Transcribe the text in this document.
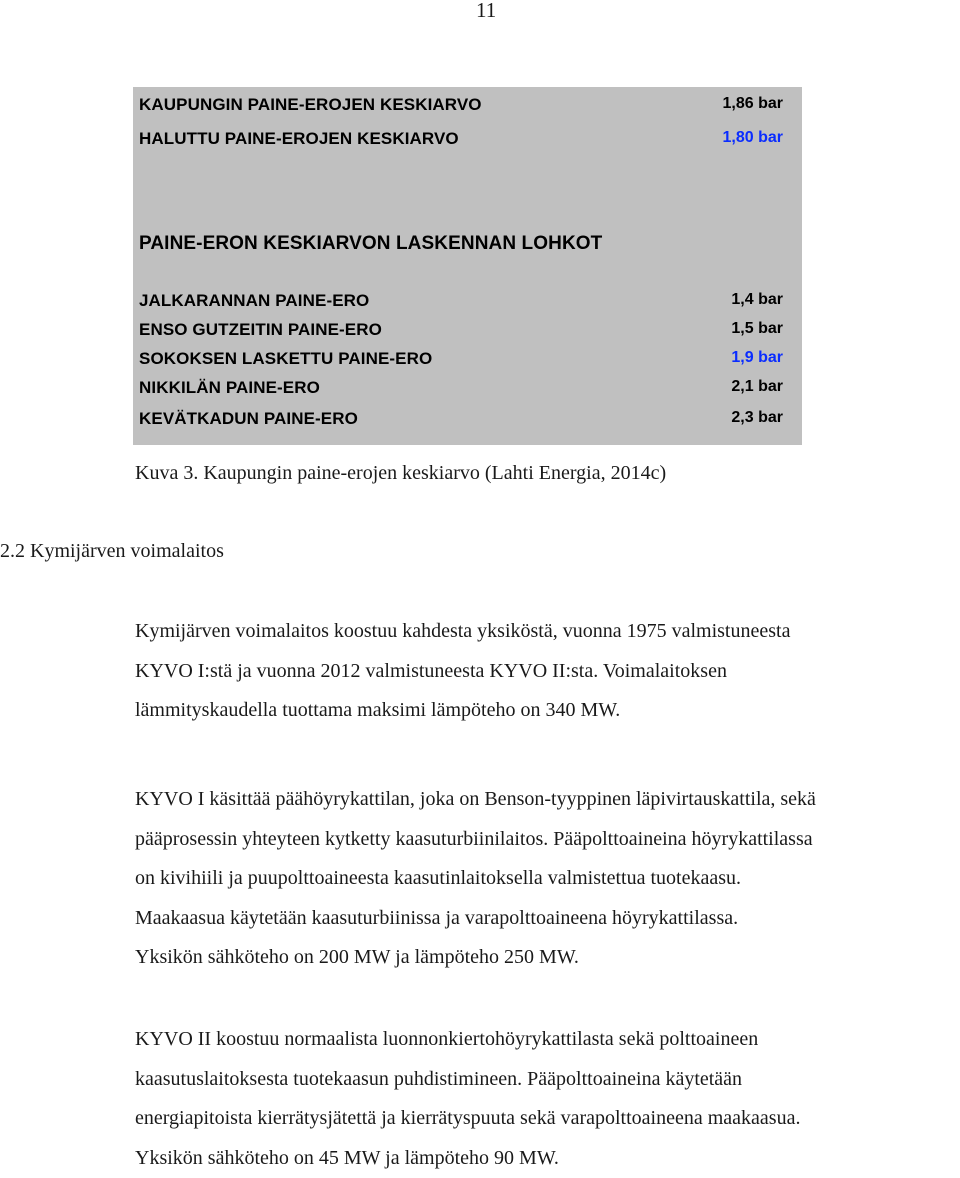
11
KAUPUNGIN PAINE-EROJEN KESKIARVO	1,86 bar
HALUTTU PAINE-EROJEN KESKIARVO	1,80 bar
PAINE-ERON KESKIARVON LASKENNAN LOHKOT
JALKARANNAN PAINE-ERO	1,4 bar
ENSO GUTZEITIN PAINE-ERO	1,5 bar
SOKOKSEN LASKETTU PAINE-ERO	1,9 bar
NIKKILÄN PAINE-ERO	2,1 bar
KEVÄTKADUN PAINE-ERO	2,3 bar
Kuva 3. Kaupungin paine-erojen keskiarvo (Lahti Energia, 2014c)
2.2 Kymijärven voimalaitos
Kymijärven voimalaitos koostuu kahdesta yksiköstä, vuonna 1975 valmistuneesta
KYVO I:stä ja vuonna 2012 valmistuneesta KYVO II:sta. Voimalaitoksen
lämmityskaudella tuottama maksimi lämpöteho on 340 MW.
KYVO I käsittää päähöyrykattilan, joka on Benson-tyyppinen läpivirtauskattila, sekä
pääprosessin yhteyteen kytketty kaasuturbiinilaitos. Pääpolttoaineina höyrykattilassa
on kivihiili ja puupolttoaineesta kaasutinlaitoksella valmistettua tuotekaasu.
Maakaasua käytetään kaasuturbiinissa ja varapolttoaineena höyrykattilassa.
Yksikön sähköteho on 200 MW ja lämpöteho 250 MW.
KYVO II koostuu normaalista luonnonkiertohöyrykattilasta sekä polttoaineen
kaasutuslaitoksesta tuotekaasun puhdistimineen. Pääpolttoaineina käytetään
energiapitoista kierrätysjätettä ja kierrätyspuuta sekä varapolttoaineena maakaasua.
Yksikön sähköteho on 45 MW ja lämpöteho 90 MW.
